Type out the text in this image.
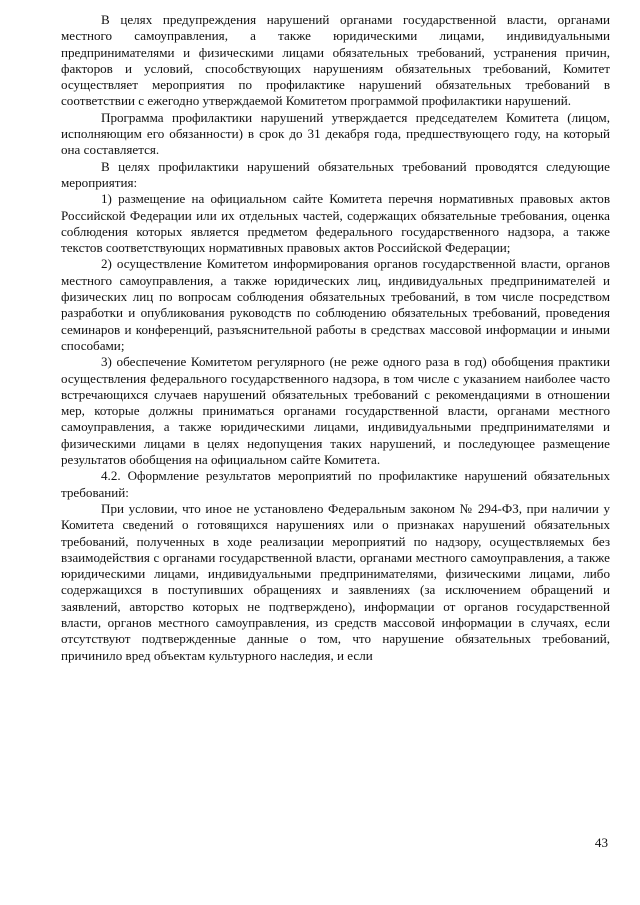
В целях предупреждения нарушений органами государственной власти, органами местного самоуправления, а также юридическими лицами, индивидуальными предпринимателями и физическими лицами обязательных требований, устранения причин, факторов и условий, способствующих нарушениям обязательных требований, Комитет осуществляет мероприятия по профилактике нарушений обязательных требований в соответствии с ежегодно утверждаемой Комитетом программой профилактики нарушений.

Программа профилактики нарушений утверждается председателем Комитета (лицом, исполняющим его обязанности) в срок до 31 декабря года, предшествующего году, на который она составляется.

В целях профилактики нарушений обязательных требований проводятся следующие мероприятия:

1) размещение на официальном сайте Комитета перечня нормативных правовых актов Российской Федерации или их отдельных частей, содержащих обязательные требования, оценка соблюдения которых является предметом федерального государственного надзора, а также текстов соответствующих нормативных правовых актов Российской Федерации;

2) осуществление Комитетом информирования органов государственной власти, органов местного самоуправления, а также юридических лиц, индивидуальных предпринимателей и физических лиц по вопросам соблюдения обязательных требований, в том числе посредством разработки и опубликования руководств по соблюдению обязательных требований, проведения семинаров и конференций, разъяснительной работы в средствах массовой информации и иными способами;

3) обеспечение Комитетом регулярного (не реже одного раза в год) обобщения практики осуществления федерального государственного надзора, в том числе с указанием наиболее часто встречающихся случаев нарушений обязательных требований с рекомендациями в отношении мер, которые должны приниматься органами государственной власти, органами местного самоуправления, а также юридическими лицами, индивидуальными предпринимателями и физическими лицами в целях недопущения таких нарушений, и последующее размещение результатов обобщения на официальном сайте Комитета.

4.2. Оформление результатов мероприятий по профилактике нарушений обязательных требований:

При условии, что иное не установлено Федеральным законом № 294-ФЗ, при наличии у Комитета сведений о готовящихся нарушениях или о признаках нарушений обязательных требований, полученных в ходе реализации мероприятий по надзору, осуществляемых без взаимодействия с органами государственной власти, органами местного самоуправления, а также юридическими лицами, индивидуальными предпринимателями, физическими лицами, либо содержащихся в поступивших обращениях и заявлениях (за исключением обращений и заявлений, авторство которых не подтверждено), информации от органов государственной власти, органов местного самоуправления, из средств массовой информации в случаях, если отсутствуют подтвержденные данные о том, что нарушение обязательных требований, причинило вред объектам культурного наследия, и если

43
